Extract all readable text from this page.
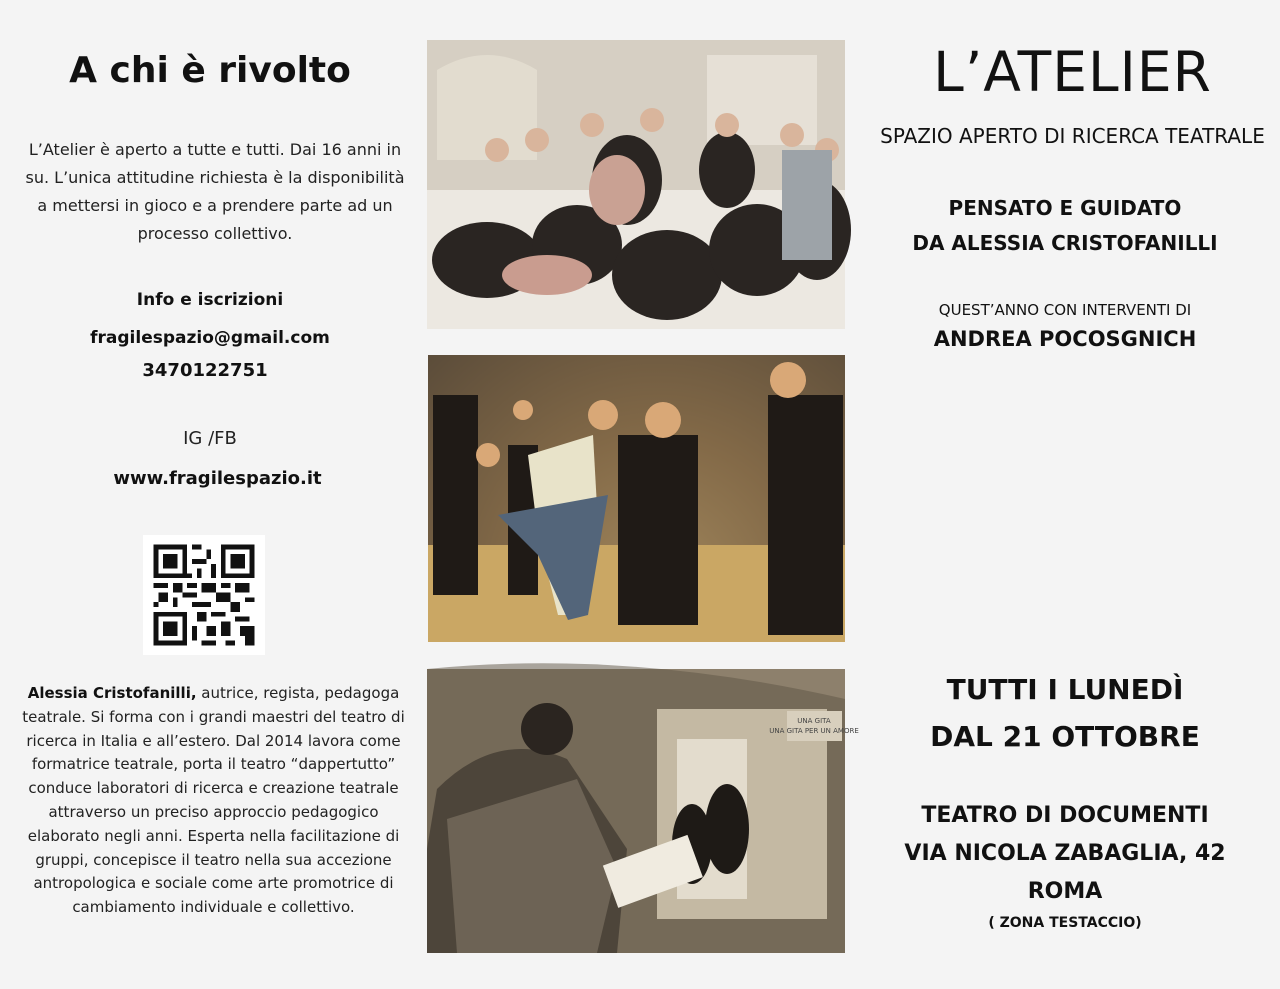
A chi è rivolto
L’Atelier è aperto a tutte e tutti. Dai 16 anni in su. L’unica attitudine richiesta è la disponibilità a mettersi in gioco e a prendere parte ad un processo collettivo.
Info e iscrizioni
fragilespazio@gmail.com
3470122751
IG /FB
www.fragilespazio.it
Alessia Cristofanilli, autrice, regista, pedagoga teatrale. Si forma con i grandi maestri del teatro di ricerca in Italia e all’estero. Dal 2014 lavora come formatrice teatrale, porta il teatro “dappertutto” conduce laboratori di ricerca e creazione teatrale attraverso un preciso approccio pedagogico elaborato negli anni. Esperta nella facilitazione di gruppi, concepisce il teatro nella sua accezione antropologica e sociale come arte promotrice di cambiamento individuale e collettivo.
UNA GITA
UNA GITA PER UN AMORE
L’ATELIER
SPAZIO APERTO DI RICERCA TEATRALE
PENSATO E GUIDATO
DA ALESSIA CRISTOFANILLI
QUEST’ANNO CON INTERVENTI DI
ANDREA POCOSGNICH
TUTTI I LUNEDÌ
DAL 21 OTTOBRE
TEATRO DI DOCUMENTI
VIA NICOLA ZABAGLIA, 42
ROMA
( ZONA TESTACCIO)
